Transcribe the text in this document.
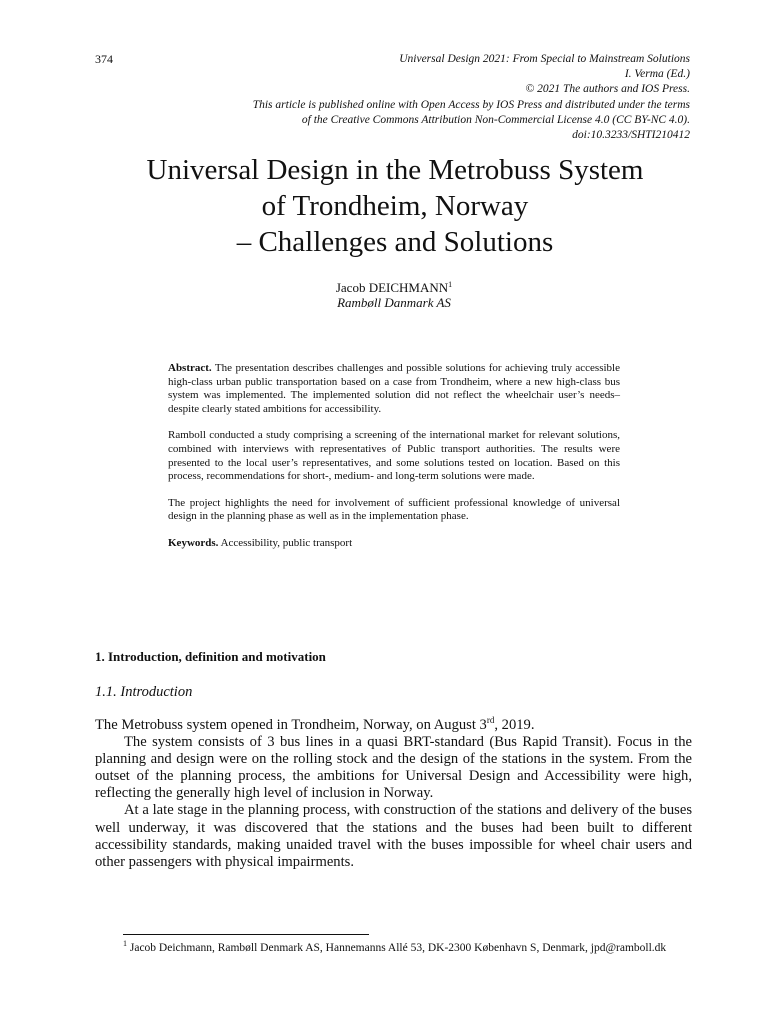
374	Universal Design 2021: From Special to Mainstream Solutions
I. Verma (Ed.)
© 2021 The authors and IOS Press.
This article is published online with Open Access by IOS Press and distributed under the terms
of the Creative Commons Attribution Non-Commercial License 4.0 (CC BY-NC 4.0).
doi:10.3233/SHTI210412
Universal Design in the Metrobuss System
of Trondheim, Norway
– Challenges and Solutions
Jacob DEICHMANN$^1$
Rambøll Danmark AS

Abstract. The presentation describes challenges and possible solutions for achieving truly accessible high-class urban public transportation based on a case from Trondheim, where a new high-class bus system was implemented. The implemented solution did not reflect the wheelchair user’s needs– despite clearly stated ambitions for accessibility.

Ramboll conducted a study comprising a screening of the international market for relevant solutions, combined with interviews with representatives of Public transport authorities. The results were presented to the local user’s representatives, and some solutions tested on location. Based on this process, recommendations for short-, medium- and long-term solutions were made.

The project highlights the need for involvement of sufficient professional knowledge of universal design in the planning phase as well as in the implementation phase.

Keywords. Accessibility, public transport

1. Introduction, definition and motivation
1.1. Introduction

The Metrobuss system opened in Trondheim, Norway, on August 3rd, 2019.

The system consists of 3 bus lines in a quasi BRT-standard (Bus Rapid Transit). Focus in the planning and design were on the rolling stock and the design of the stations in the system. From the outset of the planning process, the ambitions for Universal Design and Accessibility were high, reflecting the generally high level of inclusion in Norway.

At a late stage in the planning process, with construction of the stations and delivery of the buses well underway, it was discovered that the stations and the buses had been built to different accessibility standards, making unaided travel with the buses impossible for wheel chair users and other passengers with physical impairments.

$^1$ Jacob Deichmann, Rambøll Denmark AS, Hannemanns Allé 53, DK-2300 København S, Denmark, jpd@ramboll.dk
